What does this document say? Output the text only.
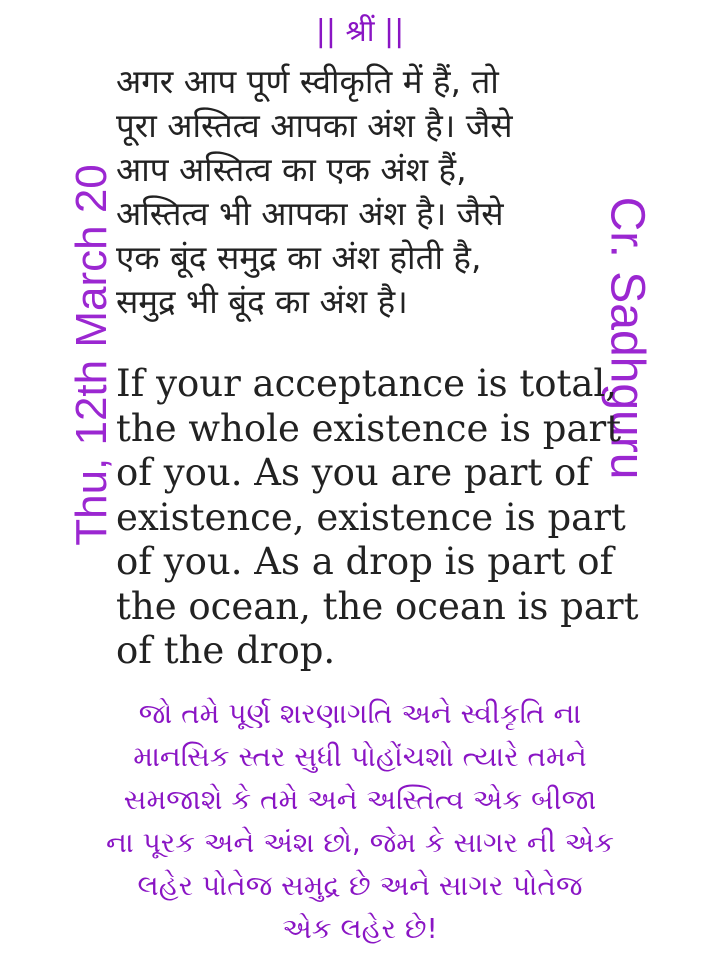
|| श्रीं ||
Thu, 12th March 20	Cr. Sadhguru
अगर आप पूर्ण स्वीकृति में हैं, तो
पूरा अस्तित्व आपका अंश है। जैसे
आप अस्तित्व का एक अंश हैं,
अस्तित्व भी आपका अंश है। जैसे
एक बूंद समुद्र का अंश होती है,
समुद्र भी बूंद का अंश है।
If your acceptance is total,
the whole existence is part
of you. As you are part of
existence, existence is part
of you. As a drop is part of
the ocean, the ocean is part
of the drop.
જો તમે પૂર્ણ શરણાગતિ અને સ્વીકૃતિ ના
માનસિક સ્તર સુધી પોહોંચશો ત્યારે તમને
સમજાશે કે તમે અને અસ્તિત્વ એક બીજા
ના પૂરક અને અંશ છો, જેમ કે સાગર ની એક
લહેર પોતેજ સમુદ્ર છે અને સાગર પોતેજ
એક લહેર છે!
